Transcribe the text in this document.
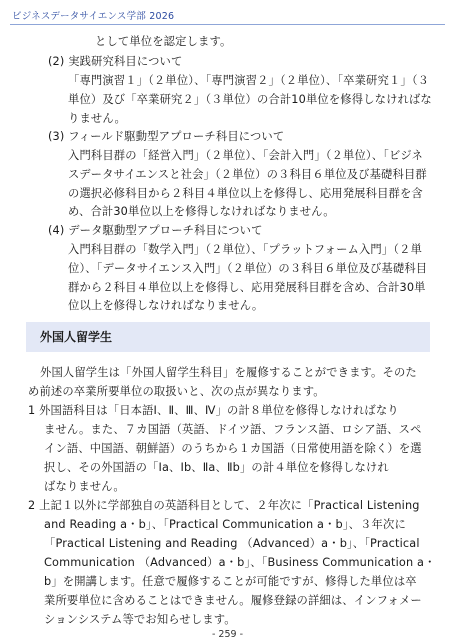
ビジネスデータサイエンス学部 2026

として単位を認定します。

(2) 実践研究科目について

「専門演習１」（２単位）、「専門演習２」（２単位）、「卒業研究１」（３

単位）及び「卒業研究２」（３単位）の合計10単位を修得しなければな

りません。

(3) フィールド駆動型アプローチ科目について

入門科目群の「経営入門」（２単位）、「会計入門」（２単位）、「ビジネ

スデータサイエンスと社会」（２単位）の３科目６単位及び基礎科目群

の選択必修科目から２科目４単位以上を修得し、応用発展科目群を含

め、合計30単位以上を修得しなければなりません。

(4) データ駆動型アプローチ科目について

入門科目群の「数学入門」（２単位）、「プラットフォーム入門」（２単

位）、「データサイエンス入門」（２単位）の３科目６単位及び基礎科目

群から２科目４単位以上を修得し、応用発展科目群を含め、合計30単

位以上を修得しなければなりません。

外国人留学生

外国人留学生は「外国人留学生科目」を履修することができます。そのた

め前述の卒業所要単位の取扱いと、次の点が異なります。

1 外国語科目は「日本語Ⅰ、Ⅱ、Ⅲ、Ⅳ」の計８単位を修得しなければなり

ません。また、７カ国語（英語、ドイツ語、フランス語、ロシア語、スペ

イン語、中国語、朝鮮語）のうちから１カ国語（日常使用語を除く）を選

択し、その外国語の「Ⅰa、Ⅰb、Ⅱa、Ⅱb」の計４単位を修得しなけれ

ばなりません。

2 上記１以外に学部独自の英語科目として、２年次に「Practical Listening

and Reading a・b」、「Practical Communication a・b」、３年次に

「Practical Listening and Reading （Advanced）a・b」、「Practical

Communication （Advanced）a・b」、「Business Communication a・

b」を開講します。任意で履修することが可能ですが、修得した単位は卒

業所要単位に含めることはできません。履修登録の詳細は、インフォメー

ションシステム等でお知らせします。

- 259 -
